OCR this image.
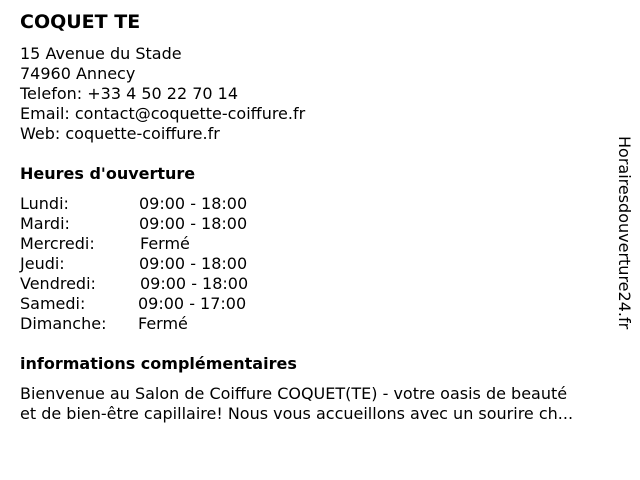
COQUET TE
15 Avenue du Stade
74960 Annecy
Telefon: +33 4 50 22 70 14
Email: contact@coquette-coiffure.fr
Web: coquette-coiffure.fr
Heures d'ouverture
Lundi:	09:00 - 18:00
Mardi:	09:00 - 18:00
Mercredi:	Fermé
Jeudi:	09:00 - 18:00
Vendredi:	09:00 - 18:00
Samedi:	09:00 - 17:00
Dimanche: Fermé
informations complémentaires
Bienvenue au Salon de Coiffure COQUET(TE) - votre oasis de beauté
et de bien-être capillaire! Nous vous accueillons avec un sourire ch...
Horairesdouverture24.fr
